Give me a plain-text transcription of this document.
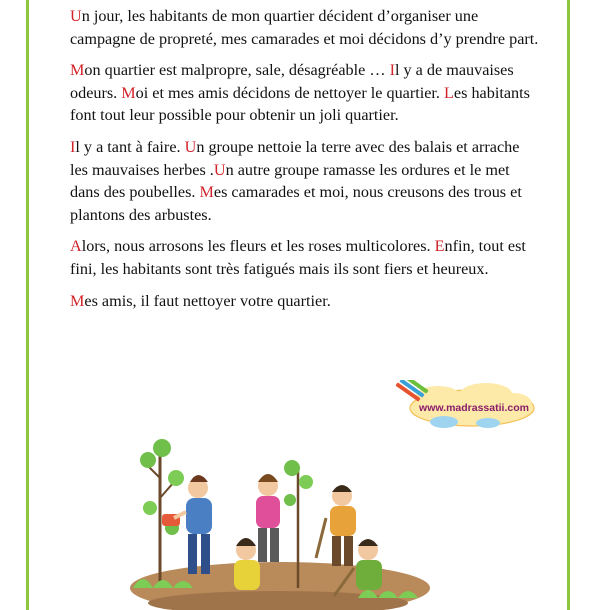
Un jour, les habitants de mon quartier décident d’organiser une campagne de propreté, mes camarades et moi décidons d’y prendre part.

Mon quartier est malpropre, sale, désagréable … Il y a de mauvaises odeurs. Moi et mes amis décidons de nettoyer le quartier. Les habitants font tout leur possible pour obtenir un joli quartier.

Il y a tant à faire. Un groupe nettoie la terre avec des balais et arrache les mauvaises herbes .Un autre groupe ramasse les ordures et le met dans des poubelles. Mes camarades et moi, nous creusons des trous et plantons des arbustes.

Alors, nous arrosons les fleurs et les roses multicolores. Enfin, tout est fini, les habitants sont très fatigués mais ils sont fiers et heureux.

Mes amis, il faut nettoyer votre quartier.

www.madrassatii.com
